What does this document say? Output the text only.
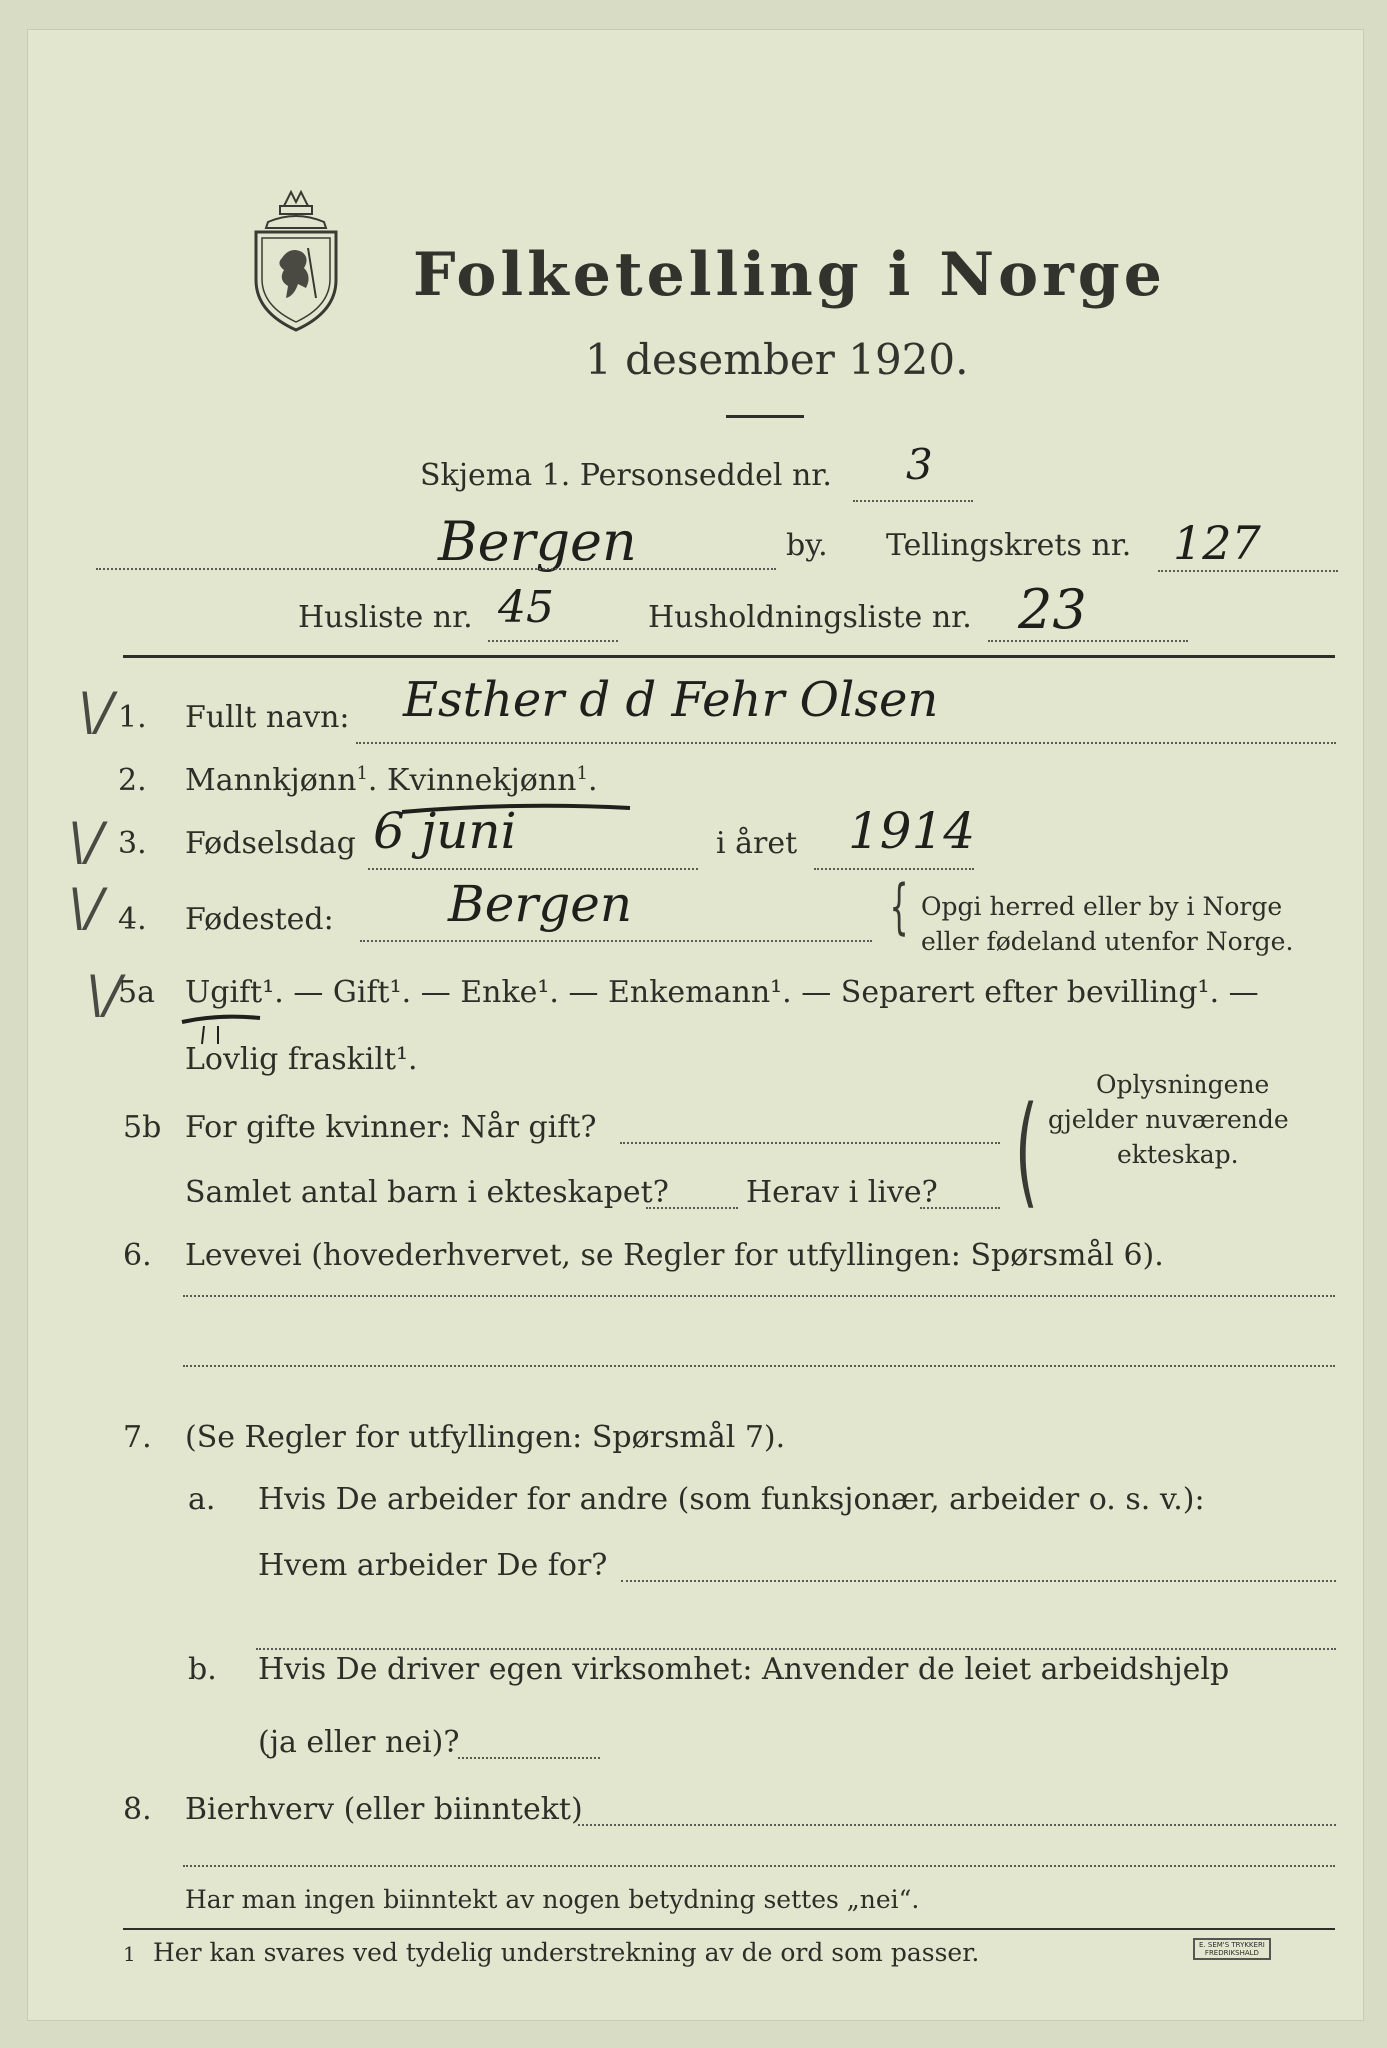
Folketelling i Norge
1 desember 1920.
Skjema 1. Personseddel nr. 3
Bergen	by. Tellingskrets nr. 127
Husliste nr. 45	Husholdningsliste nr. 23
\/ 1. Fullt navn: Esther d d Fehr Olsen
2. Mannkjønn$^1$. Kvinnekjønn$^1$.
\/ 3. Fødselsdag 6 juni	i året 1914
\/ 4. Fødested: Bergen	{ Opgi herred eller by i Norge
eller fødeland utenfor Norge.
\/
5a Ugift¹. — Gift¹. — Enke¹. — Enkemann¹. — Separert efter bevilling¹. —
Lovlig fraskilt¹.
5b For gifte kvinner: Når gift?
Samlet antal barn i ekteskapet?	Herav i live? ( Oplysningene
gjelder nuværende
ekteskap.
6. Levevei (hovederhvervet, se Regler for utfyllingen: Spørsmål 6).
7. (Se Regler for utfyllingen: Spørsmål 7).
a. Hvis De arbeider for andre (som funksjonær, arbeider o. s. v.):
Hvem arbeider De for?
b. Hvis De driver egen virksomhet: Anvender de leiet arbeidshjelp
(ja eller nei)?
8. Bierhverv (eller biinntekt)
Har man ingen biinntekt av nogen betydning settes „nei“.
1 Her kan svares ved tydelig understrekning av de ord som passer.	E. SEM'S TRYKKERI
FREDRIKSHALD
